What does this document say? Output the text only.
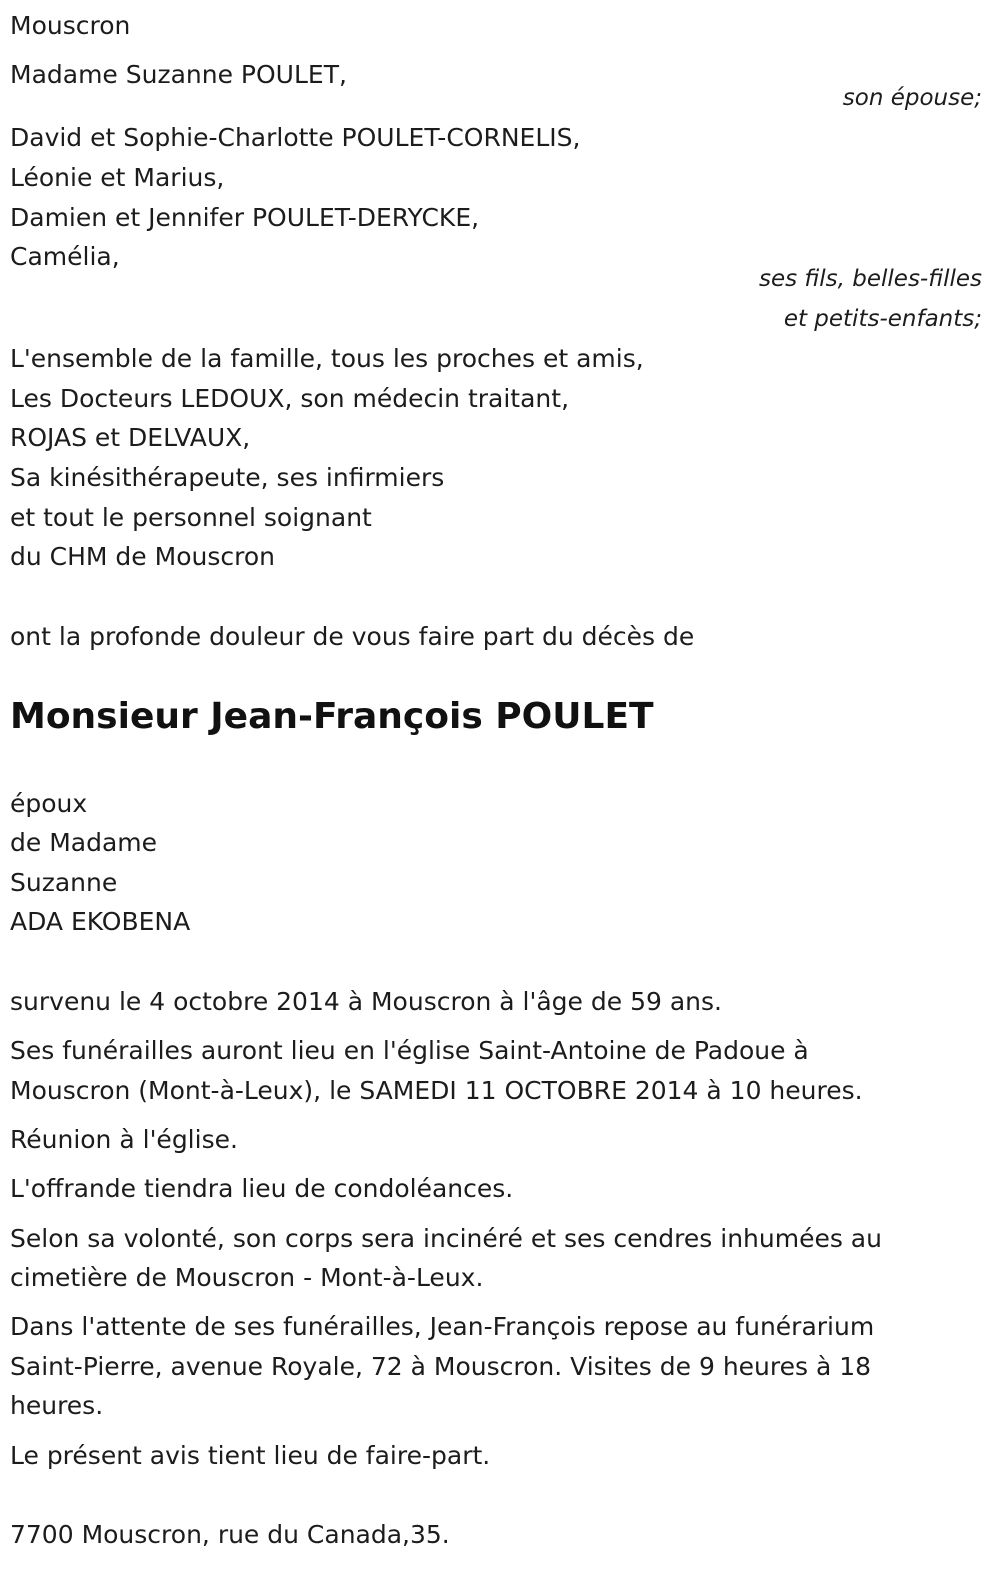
Mouscron
Madame Suzanne POULET,
son épouse;
David et Sophie-Charlotte POULET-CORNELIS,
Léonie et Marius,
Damien et Jennifer POULET-DERYCKE,
Camélia,
ses fils, belles-filles
et petits-enfants;
L'ensemble de la famille, tous les proches et amis,
Les Docteurs LEDOUX, son médecin traitant,
ROJAS et DELVAUX,
Sa kinésithérapeute, ses infirmiers
et tout le personnel soignant
du CHM de Mouscron
ont la profonde douleur de vous faire part du décès de
Monsieur Jean-François POULET
époux
de Madame
Suzanne
ADA EKOBENA
survenu le 4 octobre 2014 à Mouscron à l'âge de 59 ans.
Ses funérailles auront lieu en l'église Saint-Antoine de Padoue à
Mouscron (Mont-à-Leux), le SAMEDI 11 OCTOBRE 2014 à 10 heures.
Réunion à l'église.
L'offrande tiendra lieu de condoléances.
Selon sa volonté, son corps sera incinéré et ses cendres inhumées au
cimetière de Mouscron - Mont-à-Leux.
Dans l'attente de ses funérailles, Jean-François repose au funérarium
Saint-Pierre, avenue Royale, 72 à Mouscron. Visites de 9 heures à 18
heures.
Le présent avis tient lieu de faire-part.
7700 Mouscron, rue du Canada,35.
